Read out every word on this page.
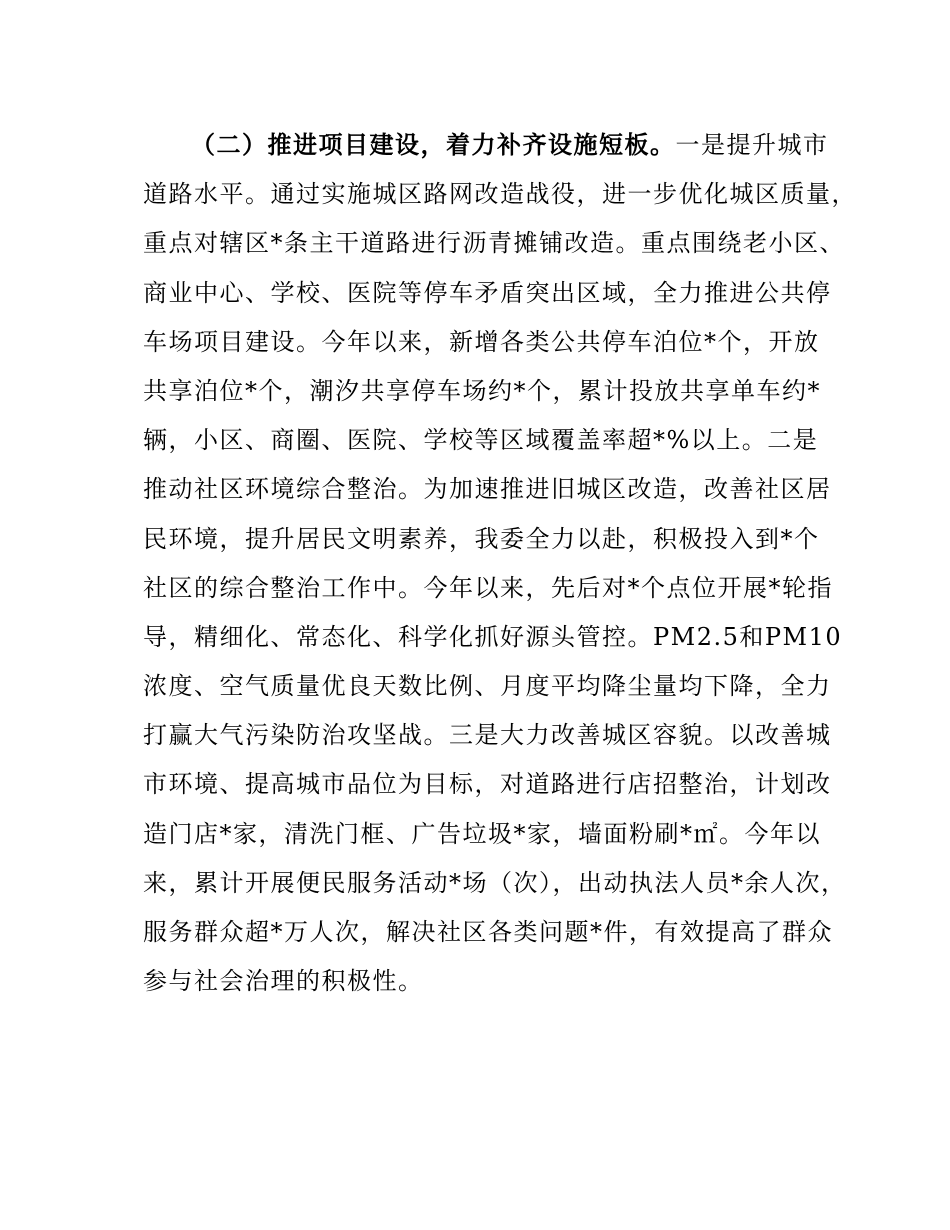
（二）推进项目建设，着力补齐设施短板。一是提升城市
道路水平。通过实施城区路网改造战役，进一步优化城区质量，
重点对辖区*条主干道路进行沥青摊铺改造。重点围绕老小区、
商业中心、学校、医院等停车矛盾突出区域，全力推进公共停
车场项目建设。今年以来，新增各类公共停车泊位*个，开放
共享泊位*个，潮汐共享停车场约*个，累计投放共享单车约*
辆，小区、商圈、医院、学校等区域覆盖率超*%以上。二是
推动社区环境综合整治。为加速推进旧城区改造，改善社区居
民环境，提升居民文明素养，我委全力以赴，积极投入到*个
社区的综合整治工作中。今年以来，先后对*个点位开展*轮指
导，精细化、常态化、科学化抓好源头管控。PM2.5和PM10
浓度、空气质量优良天数比例、月度平均降尘量均下降，全力
打赢大气污染防治攻坚战。三是大力改善城区容貌。以改善城
市环境、提高城市品位为目标，对道路进行店招整治，计划改
造门店*家，清洗门框、广告垃圾*家，墙面粉刷*㎡。今年以
来，累计开展便民服务活动*场（次），出动执法人员*余人次，
服务群众超*万人次，解决社区各类问题*件，有效提高了群众
参与社会治理的积极性。
